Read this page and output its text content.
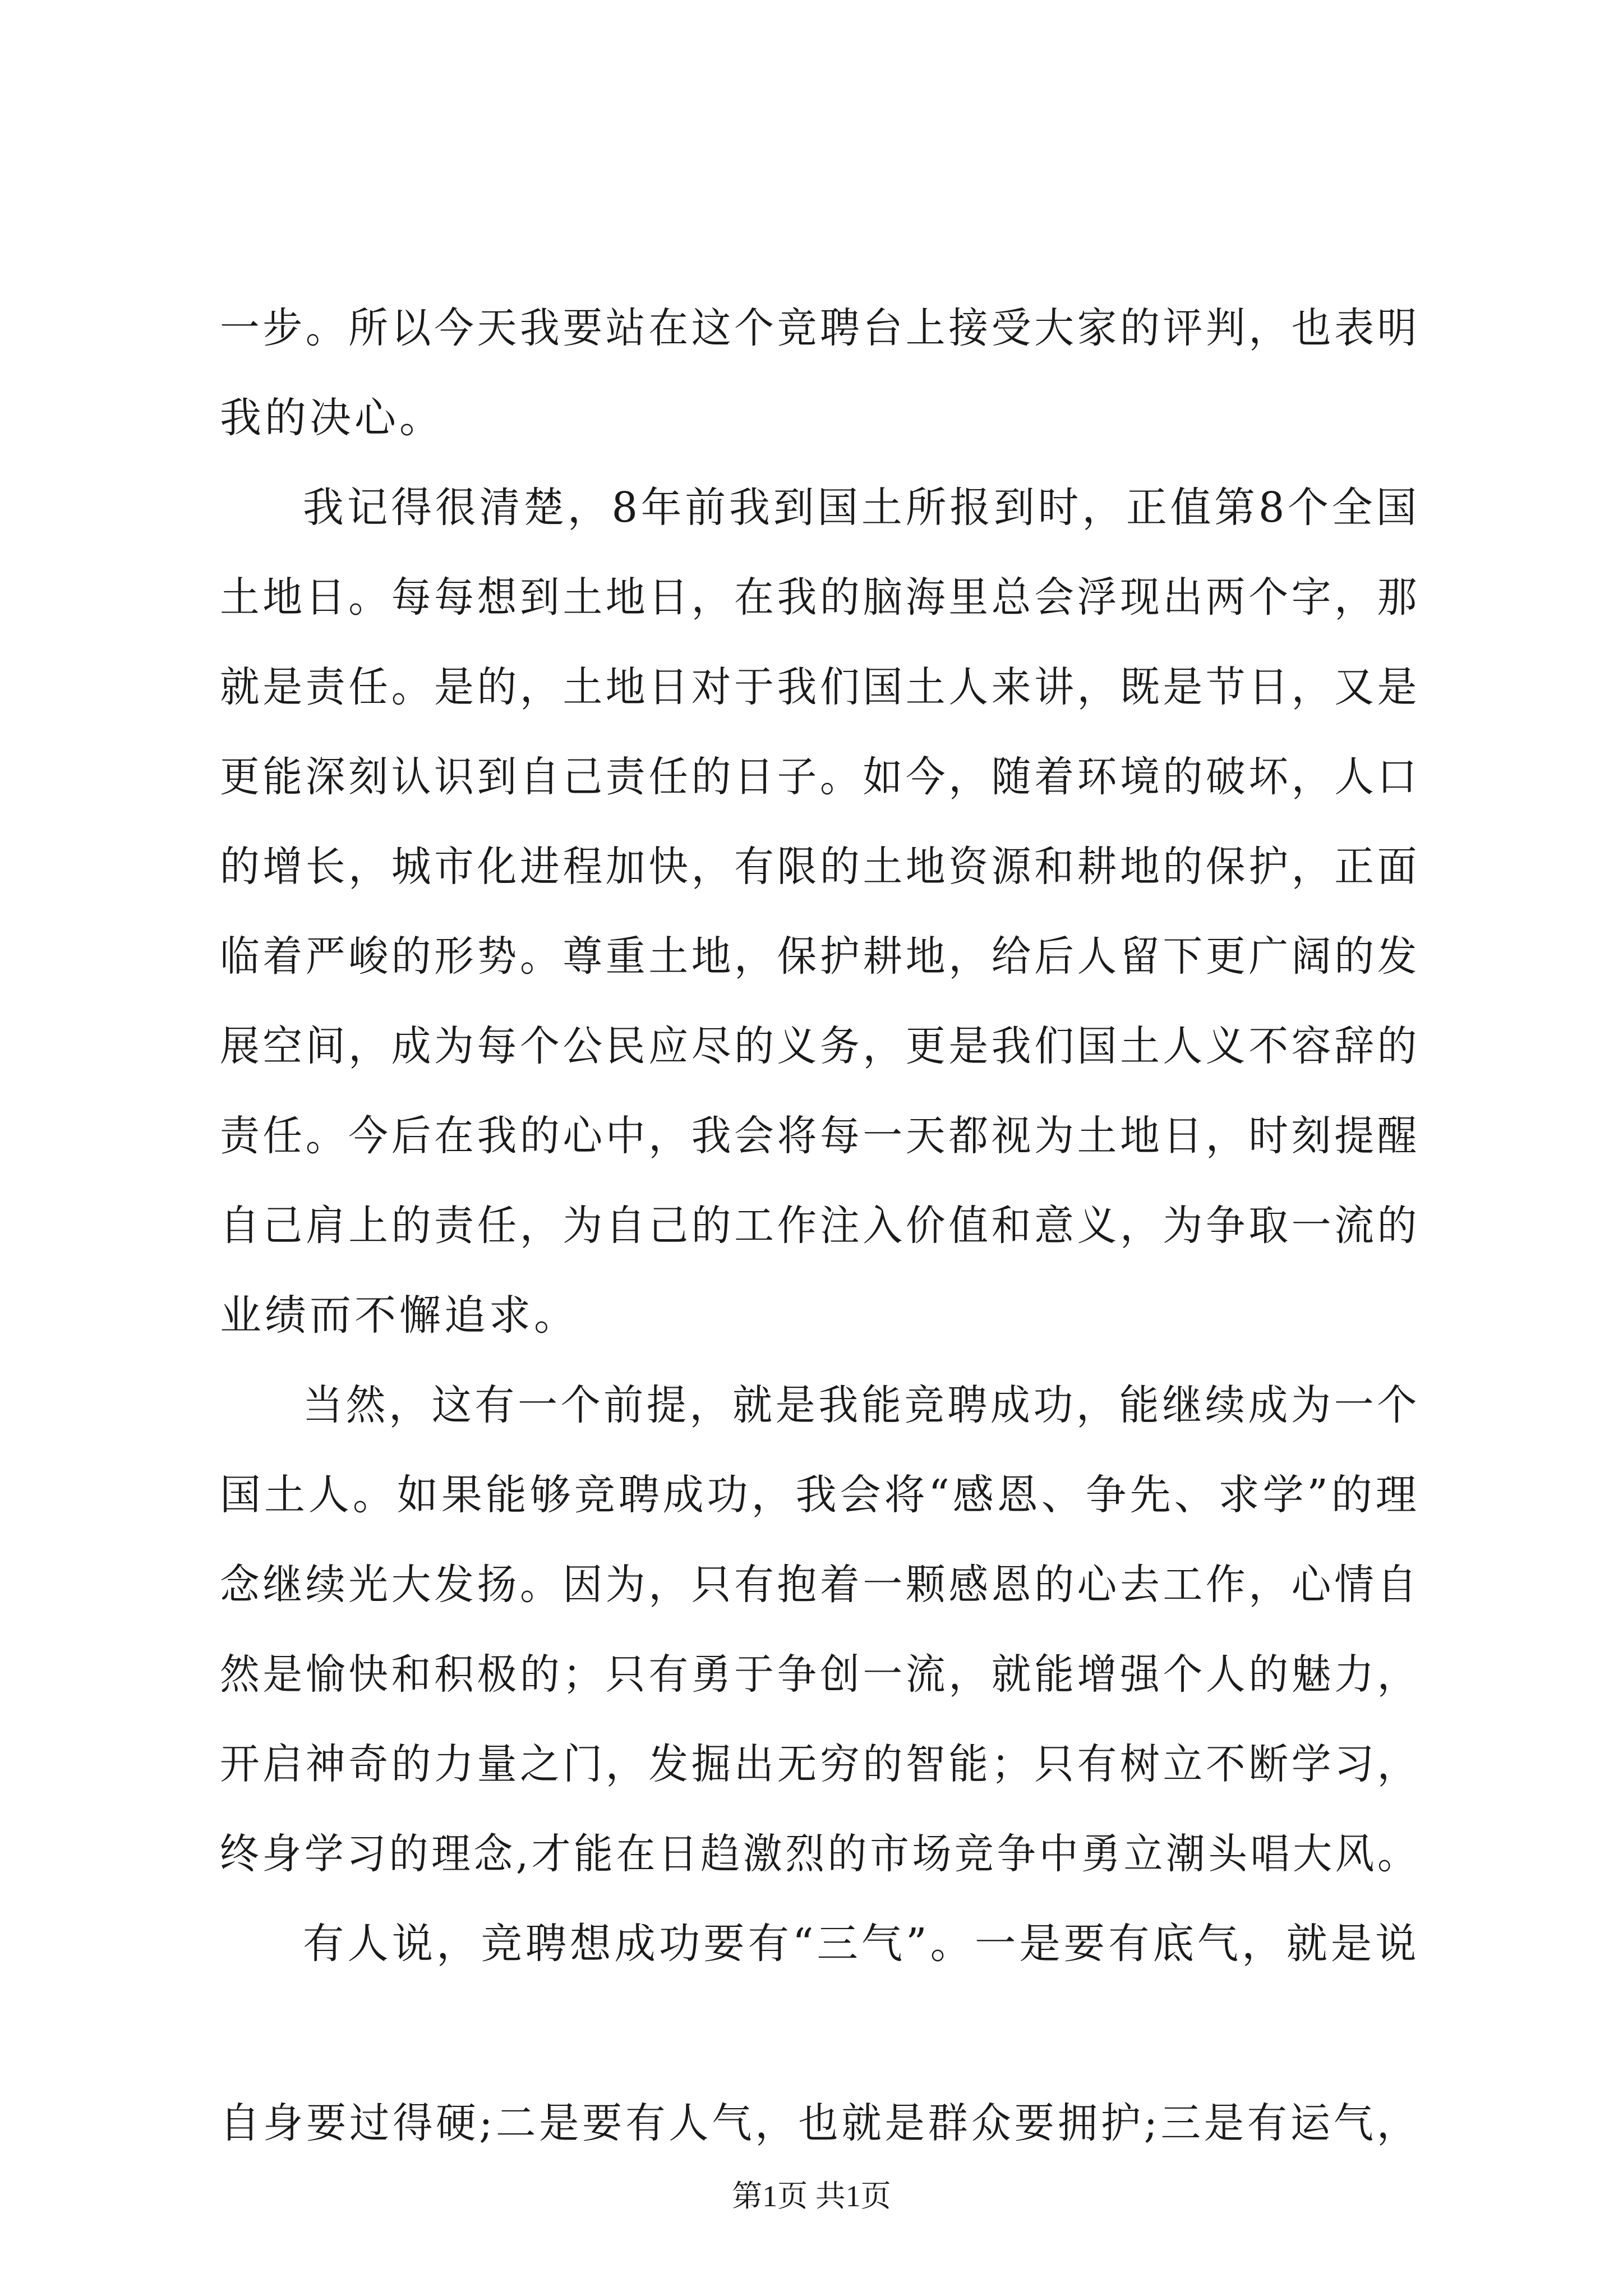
一步。所以今天我要站在这个竞聘台上接受大家的评判，也表明
我的决心。
我记得很清楚，8年前我到国土所报到时，正值第8个全国
土地日。每每想到土地日，在我的脑海里总会浮现出两个字，那
就是责任。是的，土地日对于我们国土人来讲，既是节日，又是
更能深刻认识到自己责任的日子。如今，随着环境的破坏，人口
的增长，城市化进程加快，有限的土地资源和耕地的保护，正面
临着严峻的形势。尊重土地，保护耕地，给后人留下更广阔的发
展空间，成为每个公民应尽的义务，更是我们国土人义不容辞的
责任。今后在我的心中，我会将每一天都视为土地日，时刻提醒
自己肩上的责任，为自己的工作注入价值和意义，为争取一流的
业绩而不懈追求。
当然，这有一个前提，就是我能竞聘成功，能继续成为一个
国土人。如果能够竞聘成功，我会将“感恩、争先、求学”的理
念继续光大发扬。因为，只有抱着一颗感恩的心去工作，心情自
然是愉快和积极的；只有勇于争创一流，就能增强个人的魅力，
开启神奇的力量之门，发掘出无穷的智能；只有树立不断学习，
终身学习的理念,才能在日趋激烈的市场竞争中勇立潮头唱大风。
有人说，竞聘想成功要有“三气”。一是要有底气，就是说
自身要过得硬;二是要有人气，也就是群众要拥护;三是有运气，
第1页 共1页
